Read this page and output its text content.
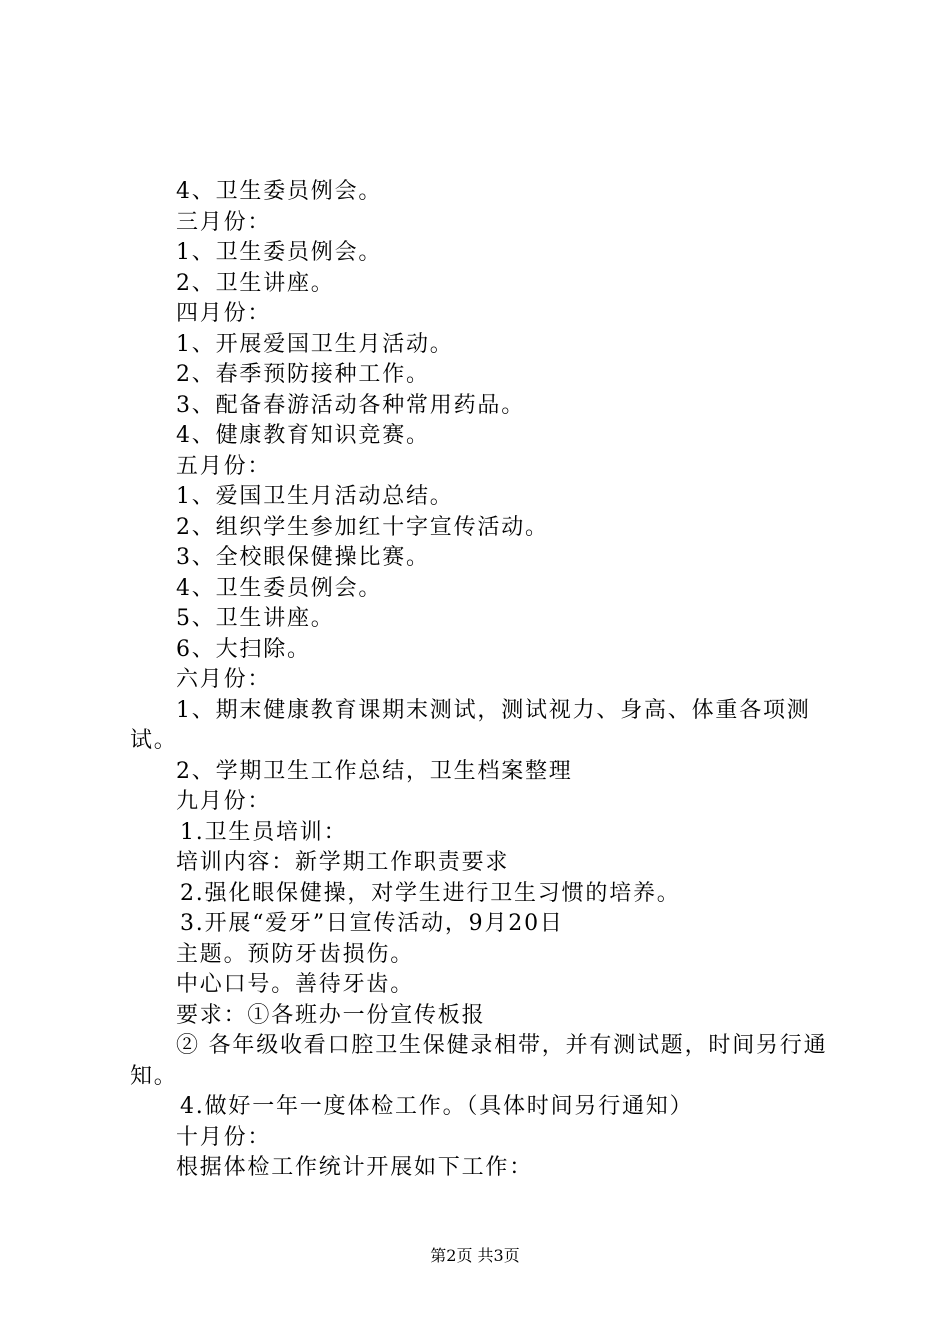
4、卫生委员例会。
三月份：
1、卫生委员例会。
2、卫生讲座。
四月份：
1、开展爱国卫生月活动。
2、春季预防接种工作。
3、配备春游活动各种常用药品。
4、健康教育知识竞赛。
五月份：
1、爱国卫生月活动总结。
2、组织学生参加红十字宣传活动。
3、全校眼保健操比赛。
4、卫生委员例会。
5、卫生讲座。
6、大扫除。
六月份：
1、期末健康教育课期末测试，测试视力、身高、体重各项测试。
2、学期卫生工作总结，卫生档案整理
九月份：
1.卫生员培训：
培训内容：新学期工作职责要求
2.强化眼保健操，对学生进行卫生习惯的培养。
3.开展“爱牙”日宣传活动，9月20日
主题。预防牙齿损伤。
中心口号。善待牙齿。
要求：①各班办一份宣传板报
② 各年级收看口腔卫生保健录相带，并有测试题，时间另行通知。
4.做好一年一度体检工作。（具体时间另行通知）
十月份：
根据体检工作统计开展如下工作：
第2页 共3页
